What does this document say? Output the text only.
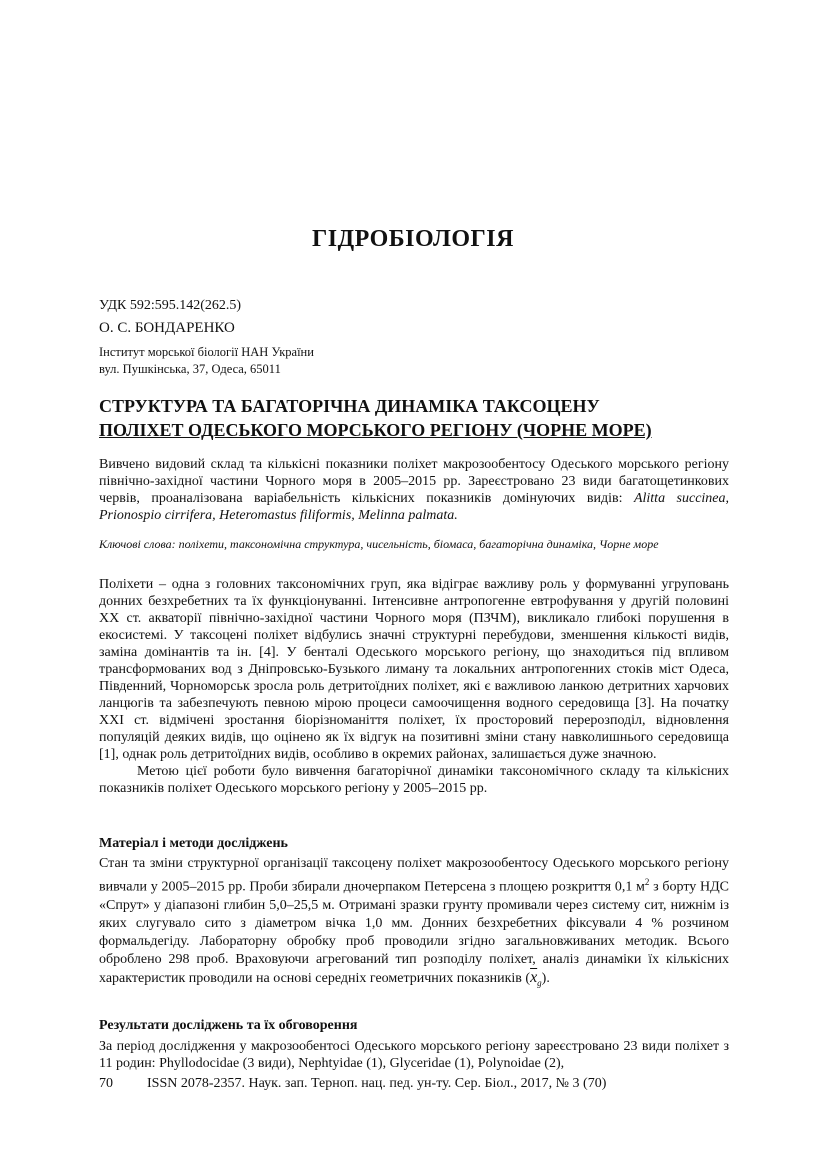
ГІДРОБІОЛОГІЯ
УДК 592:595.142(262.5)
О. С. БОНДАРЕНКО
Інститут морської біології НАН України
вул. Пушкінська, 37, Одеса, 65011
СТРУКТУРА ТА БАГАТОРІЧНА ДИНАМІКА ТАКСОЦЕНУ
ПОЛІХЕТ ОДЕСЬКОГО МОРСЬКОГО РЕГІОНУ (ЧОРНЕ МОРЕ)
Вивчено видовий склад та кількісні показники поліхет макрозообентосу Одеського морського регіону північно-західної частини Чорного моря в 2005–2015 рр. Зареєстровано 23 види багатощетинкових червів, проаналізована варіабельність кількісних показників домінуючих видів: Alitta succinea, Prionospio cirrifera, Heteromastus filiformis, Melinna palmata.
Ключові слова: поліхети, таксономічна структура, чисельність, біомаса, багаторічна динаміка, Чорне море

Поліхети – одна з головних таксономічних груп, яка відіграє важливу роль у формуванні угруповань донних безхребетних та їх функціонуванні. Інтенсивне антропогенне евтрофування у другій половині XX ст. акваторії північно-західної частини Чорного моря (ПЗЧМ), викликало глибокі порушення в екосистемі. У таксоцені поліхет відбулись значні структурні перебудови, зменшення кількості видів, заміна домінантів та ін. [4]. У бенталі Одеського морського регіону, що знаходиться під впливом трансформованих вод з Дніпровсько-Бузького лиману та локальних антропогенних стоків міст Одеса, Південний, Чорноморськ зросла роль детритоїдних поліхет, які є важливою ланкою детритних харчових ланцюгів та забезпечують певною мірою процеси самоочищення водного середовища [3]. На початку XXI ст. відмічені зростання біорізноманіття поліхет, їх просторовий перерозподіл, відновлення популяцій деяких видів, що оцінено як їх відгук на позитивні зміни стану навколишнього середовища [1], однак роль детритоїдних видів, особливо в окремих районах, залишається дуже значною.

Метою цієї роботи було вивчення багаторічної динаміки таксономічного складу та кількісних показників поліхет Одеського морського регіону у 2005–2015 рр.

Матеріал і методи досліджень
Стан та зміни структурної організації таксоцену поліхет макрозообентосу Одеського морського регіону вивчали у 2005–2015 рр. Проби збирали дночерпаком Петерсена з площею розкриття 0,1 $м^2$ з борту НДС «Спрут» у діапазоні глибин 5,0–25,5 м. Отримані зразки грунту промивали через систему сит, нижнім із яких слугувало сито з діаметром вічка 1,0 мм. Донних безхребетних фіксували 4 % розчином формальдегіду. Лабораторну обробку проб проводили згідно загальновживаних методик. Всього оброблено 298 проб. Враховуючи агрегований тип розподілу поліхет, аналіз динаміки їх кількісних характеристик проводили на основі середніх геометричних показників $(\overline{x}_g)$.
Результати досліджень та їх обговорення
За період дослідження у макрозообентосі Одеського морського регіону зареєстровано 23 види поліхет з 11 родин: Phyllodocidae (3 види), Nephtyidae (1), Glyceridae (1), Polynoidae (2),
70 ISSN 2078-2357. Наук. зап. Терноп. нац. пед. ун-ту. Сер. Біол., 2017, № 3 (70)
